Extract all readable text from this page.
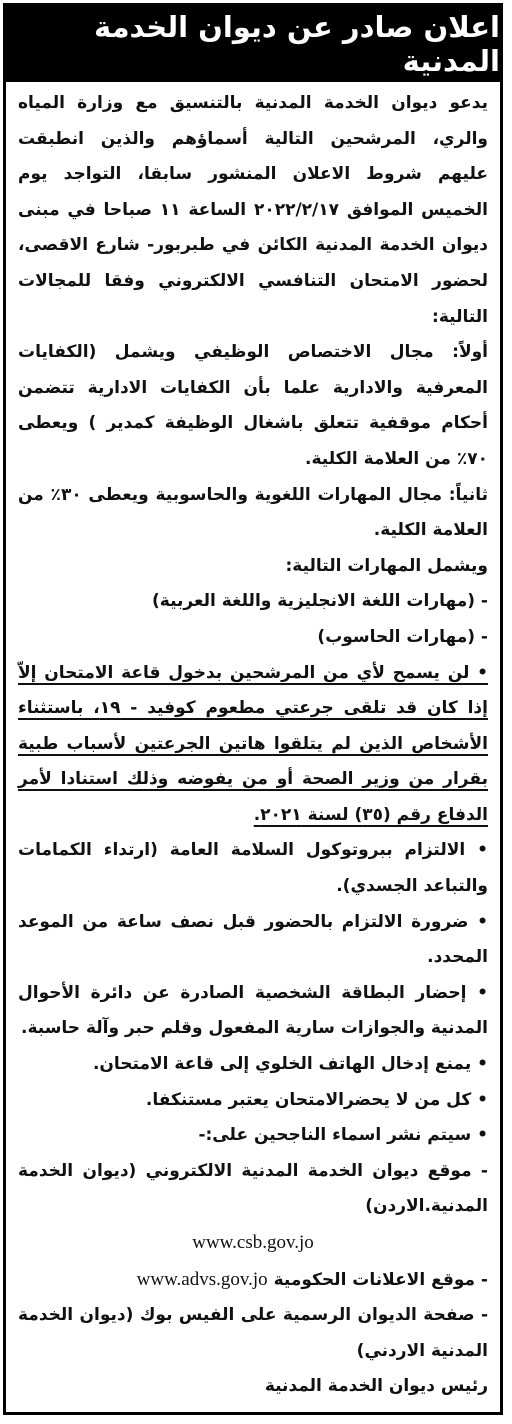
اعلان صادر عن ديوان الخدمة المدنية

يدعو ديوان الخدمة المدنية بالتنسيق مع وزارة المياه والري، المرشحين التالية أسماؤهم والذين انطبقت عليهم شروط الاعلان المنشور سابقا، التواجد يوم الخميس الموافق ٢٠٢٢/٢/١٧ الساعة ١١ صباحا في مبنى ديوان الخدمة المدنية الكائن في طبربور- شارع الاقصى، لحضور الامتحان التنافسي الالكتروني وفقا للمجالات التالية:

أولاً: مجال الاختصاص الوظيفي ويشمل (الكفايات المعرفية والادارية علما بأن الكفايات الادارية تتضمن أحكام موقفية تتعلق باشغال الوظيفة كمدير ) ويعطى ٧٠٪ من العلامة الكلية.

ثانياً: مجال المهارات اللغوية والحاسوبية ويعطى ٣٠٪ من العلامة الكلية.

ويشمل المهارات التالية:

- (مهارات اللغة الانجليزية واللغة العربية)

- (مهارات الحاسوب)

• لن يسمح لأي من المرشحين بدخول قاعة الامتحان إلاّ إذا كان قد تلقى جرعتي مطعوم كوفيد - ١٩، باستثناء الأشخاص الذين لم يتلقوا هاتين الجرعتين لأسباب طبية بقرار من وزير الصحة أو من يفوضه وذلك استنادا لأمر الدفاع رقم (٣٥) لسنة ٢٠٢١.

• الالتزام ببروتوكول السلامة العامة (ارتداء الكمامات والتباعد الجسدي).

• ضرورة الالتزام بالحضور قبل نصف ساعة من الموعد المحدد.

• إحضار البطاقة الشخصية الصادرة عن دائرة الأحوال المدنية والجوازات سارية المفعول وقلم حبر وآلة حاسبة.

• يمنع إدخال الهاتف الخلوي إلى قاعة الامتحان.

• كل من لا يحضرالامتحان يعتبر مستنكفا.

• سيتم نشر اسماء الناجحين على:-

- موقع ديوان الخدمة المدنية الالكتروني (ديوان الخدمة المدنية.الاردن)

www.csb.gov.jo

- موقع الاعلانات الحكومية www.advs.gov.jo

- صفحة الديوان الرسمية على الفيس بوك (ديوان الخدمة المدنية الاردني)

رئيس ديوان الخدمة المدنية
